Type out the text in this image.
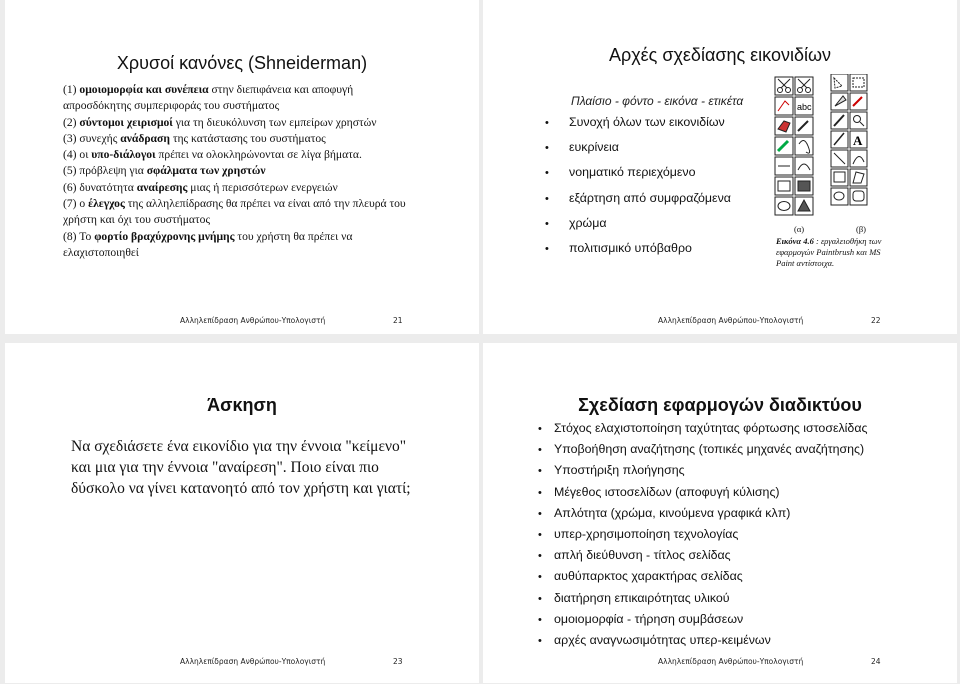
Χρυσοί κανόνες (Shneiderman)

(1) ομοιομορφία και συνέπεια στην διεπιφάνεια και αποφυγή απροσδόκητης συμπεριφοράς του συστήματος

(2) σύντομοι χειρισμοί για τη διευκόλυνση των εμπείρων χρηστών

(3) συνεχής ανάδραση της κατάστασης του συστήματος

(4) οι υπο-διάλογοι πρέπει να ολοκληρώνονται σε λίγα βήματα.

(5) πρόβλεψη για σφάλματα των χρηστών

(6) δυνατότητα αναίρεσης μιας ή περισσότερων ενεργειών

(7) ο έλεγχος της αλληλεπίδρασης θα πρέπει να είναι από την πλευρά του χρήστη και όχι του συστήματος

(8) Το φορτίο βραχύχρονης μνήμης του χρήστη θα πρέπει να ελαχιστοποιηθεί

Αλληλεπίδραση Ανθρώπου-Υπολογιστή	21
Αρχές σχεδίασης εικονιδίων
Πλαίσιο - φόντο - εικόνα - ετικέτα
• Συνοχή όλων των εικονιδίων
• ευκρίνεια
• νοηματικό περιεχόμενο
• εξάρτηση από συμφραζόμενα
• χρώμα
• πολιτισμικό υπόβαθρο
abc
A
(α)	(β)
Εικόνα 4.6 : εργαλειοθήκη των εφαρμογών Paintbrush και MS Paint αντίστοιχα.
Αλληλεπίδραση Ανθρώπου-Υπολογιστή	22
Άσκηση
Να σχεδιάσετε ένα εικονίδιο για την έννοια "κείμενο" και μια για την έννοια "αναίρεση". Ποιο είναι πιο δύσκολο να γίνει κατανοητό από τον χρήστη και γιατί;
Αλληλεπίδραση Ανθρώπου-Υπολογιστή	23
Σχεδίαση εφαρμογών διαδικτύου
• Στόχος ελαχιστοποίηση ταχύτητας φόρτωσης ιστοσελίδας
• Υποβοήθηση αναζήτησης (τοπικές μηχανές αναζήτησης)
• Υποστήριξη πλοήγησης
• Μέγεθος ιστοσελίδων (αποφυγή κύλισης)
• Απλότητα (χρώμα, κινούμενα γραφικά κλπ)
• υπερ-χρησιμοποίηση τεχνολογίας
• απλή διεύθυνση - τίτλος σελίδας
• αυθύπαρκτος χαρακτήρας σελίδας
• διατήρηση επικαιρότητας υλικού
• ομοιομορφία - τήρηση συμβάσεων
• αρχές αναγνωσιμότητας υπερ-κειμένων
Αλληλεπίδραση Ανθρώπου-Υπολογιστή	24
